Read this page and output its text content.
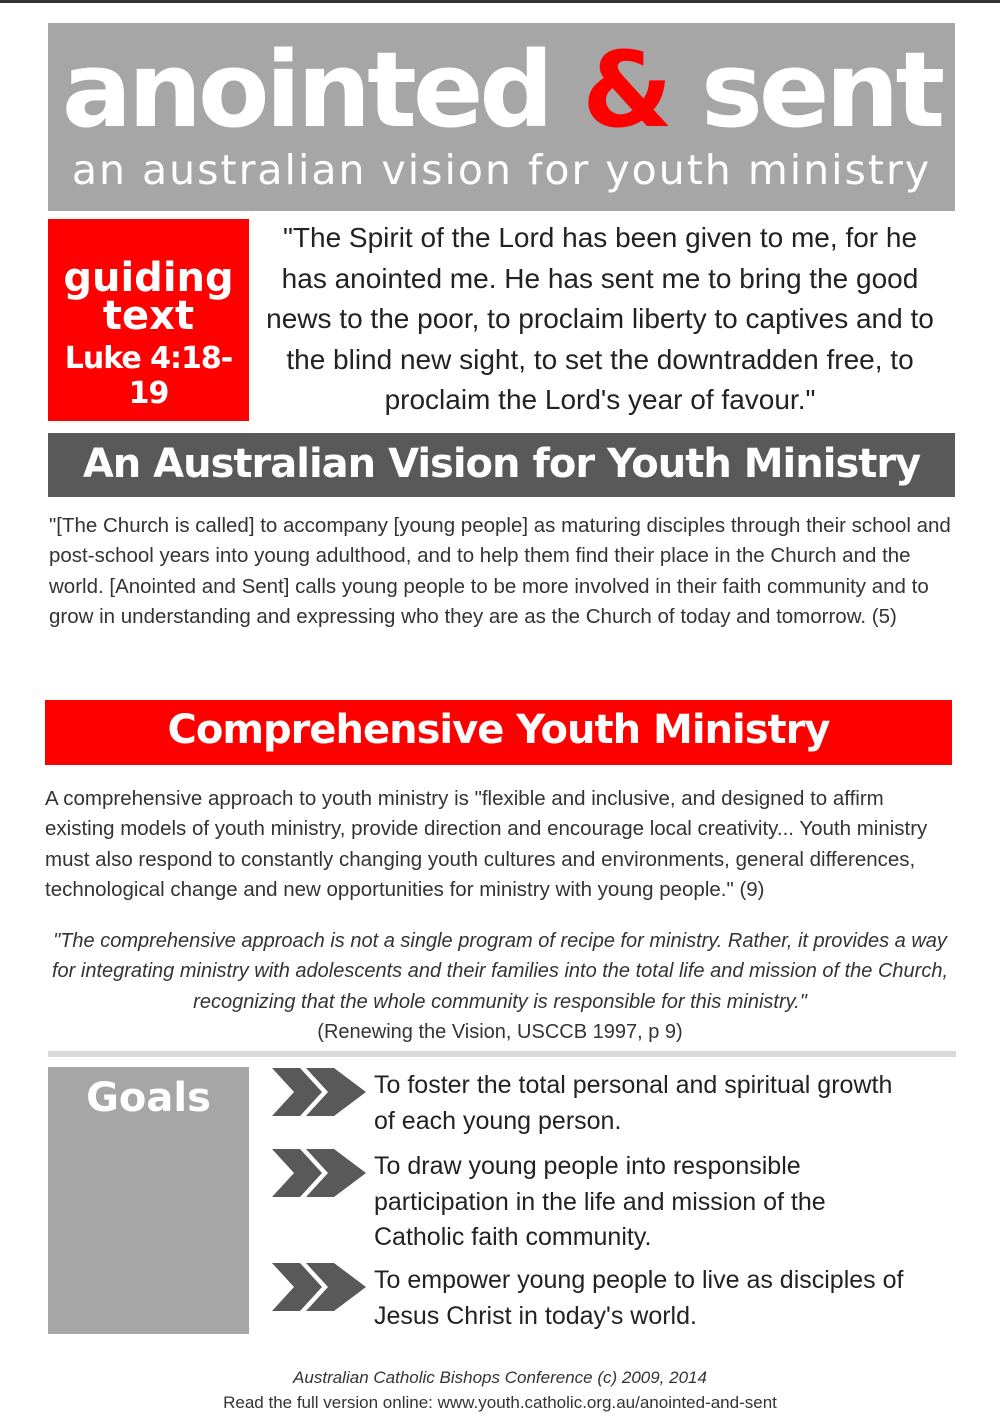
anointed & sent
an australian vision for youth ministry
guiding text
Luke 4:18-19
"The Spirit of the Lord has been given to me, for he has anointed me. He has sent me to bring the good news to the poor, to proclaim liberty to captives and to the blind new sight, to set the downtradden free, to proclaim the Lord's year of favour."
An Australian Vision for Youth Ministry
"[The Church is called] to accompany [young people] as maturing disciples through their school and post-school years into young adulthood, and to help them find their place in the Church and the world. [Anointed and Sent] calls young people to be more involved in their faith community and to grow in understanding and expressing who they are as the Church of today and tomorrow. (5)
Comprehensive Youth Ministry
A comprehensive approach to youth ministry is "flexible and inclusive, and designed to affirm existing models of youth ministry, provide direction and encourage local creativity... Youth ministry must also respond to constantly changing youth cultures and environments, general differences, technological change and new opportunities for ministry with young people." (9)
"The comprehensive approach is not a single program of recipe for ministry. Rather, it provides a way for integrating ministry with adolescents and their families into the total life and mission of the Church, recognizing that the whole community is responsible for this ministry."
(Renewing the Vision, USCCB 1997, p 9)
Goals	To foster the total personal and spiritual growth of each young person.
To draw young people into responsible participation in the life and mission of the Catholic faith community.
To empower young people to live as disciples of Jesus Christ in today's world.
Australian Catholic Bishops Conference (c) 2009, 2014
Read the full version online: www.youth.catholic.org.au/anointed-and-sent
